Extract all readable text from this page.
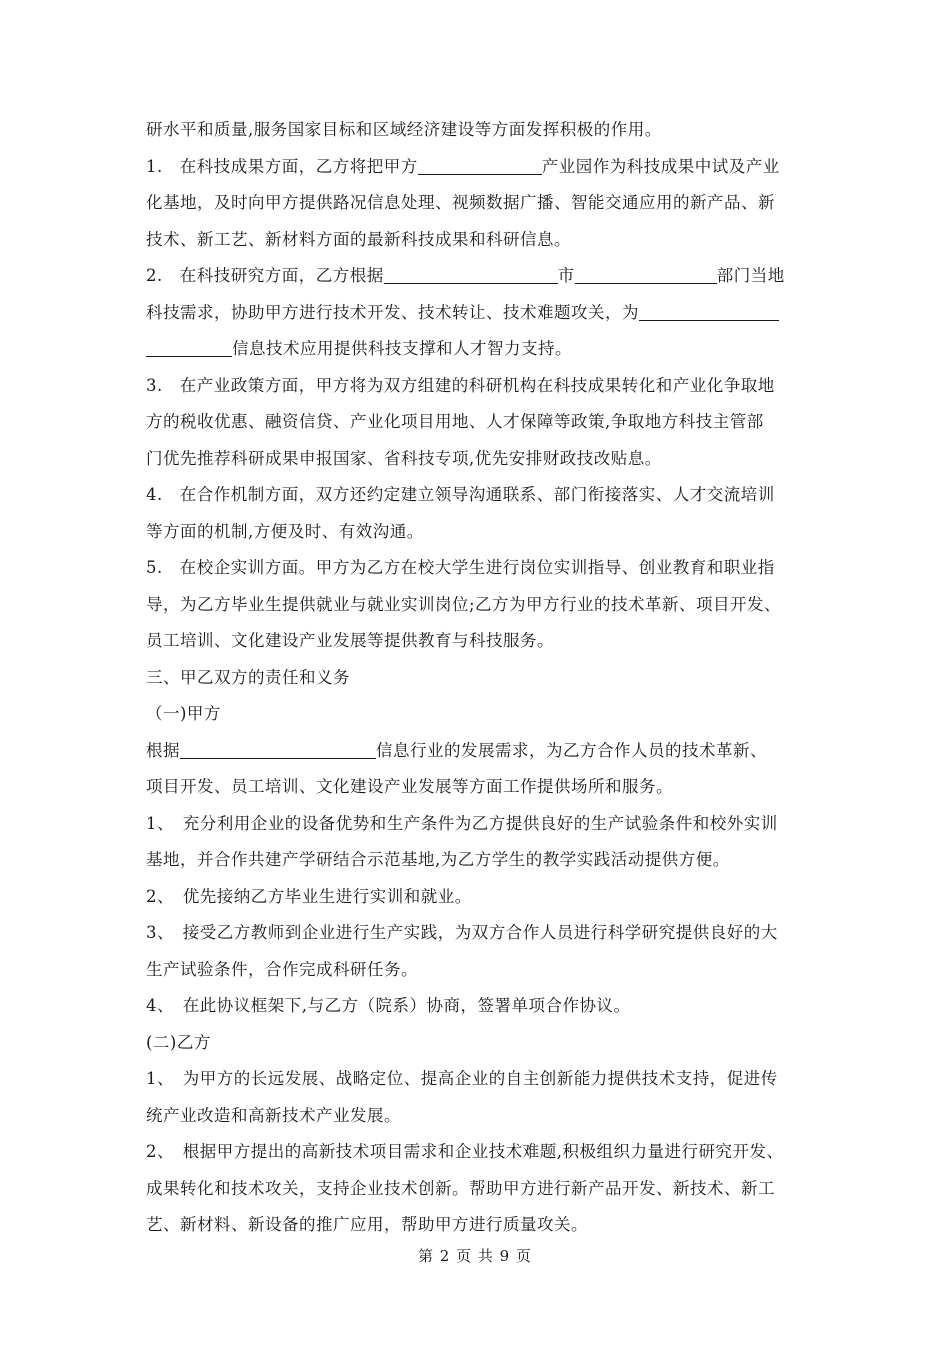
研水平和质量,服务国家目标和区域经济建设等方面发挥积极的作用。
1.　在科技成果方面，乙方将把甲方	产业园作为科技成果中试及产业
化基地，及时向甲方提供路况信息处理、视频数据广播、智能交通应用的新产品、新
技术、新工艺、新材料方面的最新科技成果和科研信息。
2.　在科技研究方面，乙方根据	市	部门当地
科技需求，协助甲方进行技术开发、技术转让、技术难题攻关，为
信息技术应用提供科技支撑和人才智力支持。
3.　在产业政策方面，甲方将为双方组建的科研机构在科技成果转化和产业化争取地
方的税收优惠、融资信贷、产业化项目用地、人才保障等政策,争取地方科技主管部
门优先推荐科研成果申报国家、省科技专项,优先安排财政技改贴息。
4.　在合作机制方面，双方还约定建立领导沟通联系、部门衔接落实、人才交流培训
等方面的机制,方便及时、有效沟通。
5.　在校企实训方面。甲方为乙方在校大学生进行岗位实训指导、创业教育和职业指
导，为乙方毕业生提供就业与就业实训岗位;乙方为甲方行业的技术革新、项目开发、
员工培训、文化建设产业发展等提供教育与科技服务。
三、甲乙双方的责任和义务
（一)甲方
根据	信息行业的发展需求，为乙方合作人员的技术革新、
项目开发、员工培训、文化建设产业发展等方面工作提供场所和服务。
1、　充分利用企业的设备优势和生产条件为乙方提供良好的生产试验条件和校外实训
基地，并合作共建产学研结合示范基地,为乙方学生的教学实践活动提供方便。
2、　优先接纳乙方毕业生进行实训和就业。
3、　接受乙方教师到企业进行生产实践，为双方合作人员进行科学研究提供良好的大
生产试验条件，合作完成科研任务。
4、　在此协议框架下,与乙方（院系）协商，签署单项合作协议。
(二)乙方
1、　为甲方的长远发展、战略定位、提高企业的自主创新能力提供技术支持，促进传
统产业改造和高新技术产业发展。
2、　根据甲方提出的高新技术项目需求和企业技术难题,积极组织力量进行研究开发、
成果转化和技术攻关，支持企业技术创新。帮助甲方进行新产品开发、新技术、新工
艺、新材料、新设备的推广应用，帮助甲方进行质量攻关。
第 2 页 共 9 页
